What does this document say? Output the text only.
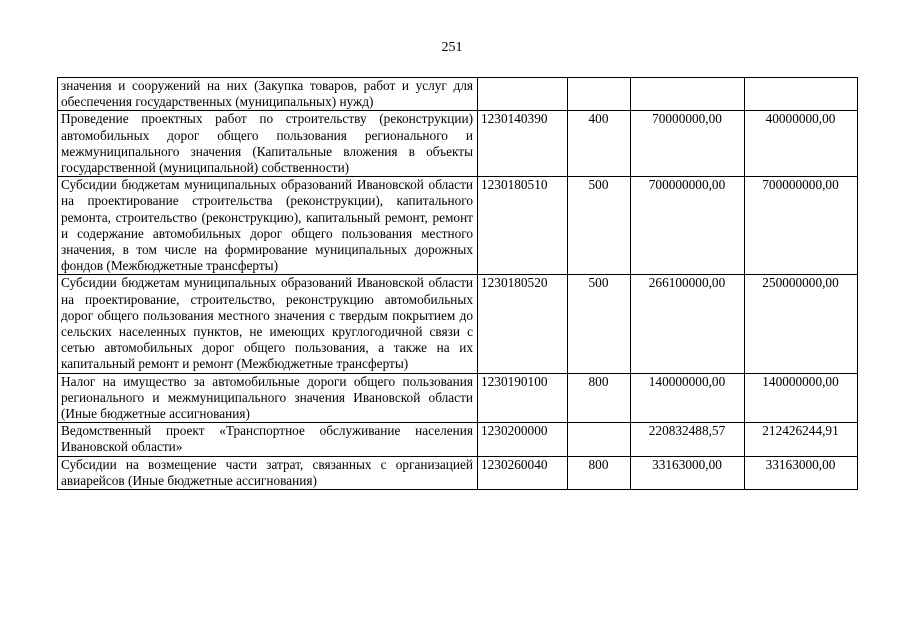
251
значения и сооружений на них (Закупка товаров, работ и услуг для обеспечения государственных (муниципальных) нужд)				
Проведение проектных работ по строительству (реконструкции) автомобильных дорог общего пользования регионального и межмуниципального значения (Капитальные вложения в объекты государственной (муниципальной) собственности)	1230140390	400	70000000,00	40000000,00
Субсидии бюджетам муниципальных образований Ивановской области на проектирование строительства (реконструкции), капитального ремонта, строительство (реконструкцию), капитальный ремонт, ремонт и содержание автомобильных дорог общего пользования местного значения, в том числе на формирование муниципальных дорожных фондов (Межбюджетные трансферты)	1230180510	500	700000000,00	700000000,00
Субсидии бюджетам муниципальных образований Ивановской области на проектирование, строительство, реконструкцию автомобильных дорог общего пользования местного значения с твердым покрытием до сельских населенных пунктов, не имеющих круглогодичной связи с сетью автомобильных дорог общего пользования, а также на их капитальный ремонт и ремонт (Межбюджетные трансферты)	1230180520	500	266100000,00	250000000,00
Налог на имущество за автомобильные дороги общего пользования регионального и межмуниципального значения Ивановской области (Иные бюджетные ассигнования)	1230190100	800	140000000,00	140000000,00
Ведомственный проект «Транспортное обслуживание населения Ивановской области»	1230200000		220832488,57	212426244,91
Субсидии на возмещение части затрат, связанных с организацией авиарейсов (Иные бюджетные ассигнования)	1230260040	800	33163000,00	33163000,00
